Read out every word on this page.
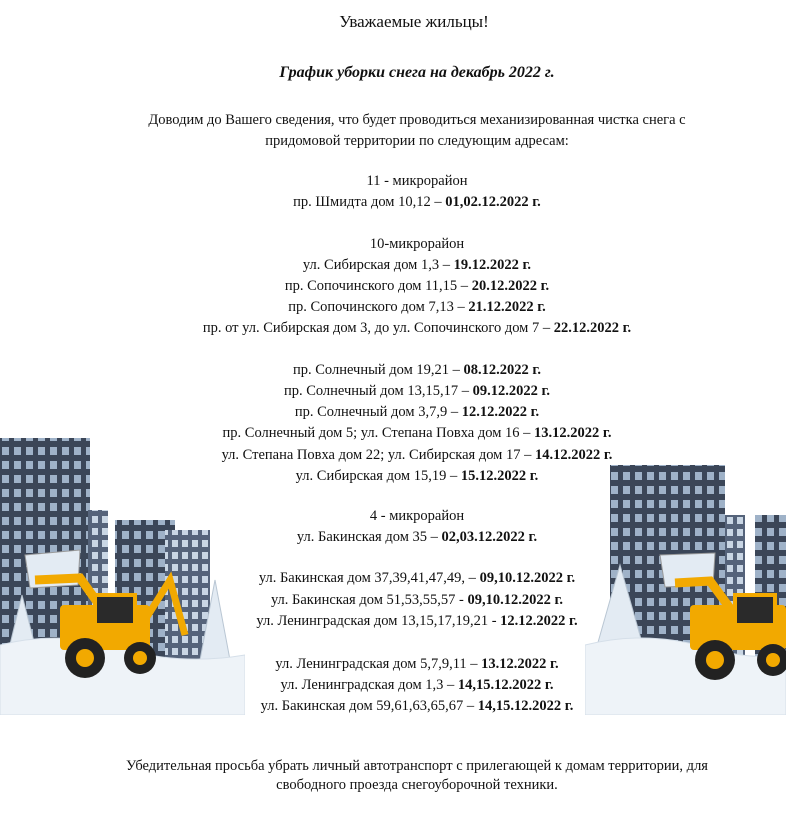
Уважаемые жильцы!
График уборки снега на декабрь 2022 г.
Доводим до Вашего сведения, что будет проводиться механизированная чистка снега с
придомовой территории по следующим адресам:
11 - микрорайон
пр. Шмидта дом 10,12 – 01,02.12.2022 г.
10-микрорайон
ул. Сибирская дом 1,3 – 19.12.2022 г.
пр. Сопочинского дом 11,15 – 20.12.2022 г.
пр. Сопочинского дом 7,13 – 21.12.2022 г.
пр. от ул. Сибирская дом 3, до ул. Сопочинского дом 7 – 22.12.2022 г.
пр. Солнечный дом 19,21 – 08.12.2022 г.
пр. Солнечный дом 13,15,17 – 09.12.2022 г.
пр. Солнечный дом 3,7,9 – 12.12.2022 г.
пр. Солнечный дом 5; ул. Степана Повха дом 16 – 13.12.2022 г.
ул. Степана Повха дом 22; ул. Сибирская дом 17 – 14.12.2022 г.
ул. Сибирская дом 15,19 – 15.12.2022 г.
4 - микрорайон
ул. Бакинская дом 35 – 02,03.12.2022 г.
ул. Бакинская дом 37,39,41,47,49, – 09,10.12.2022 г.
ул. Бакинская дом 51,53,55,57 - 09,10.12.2022 г.
ул. Ленинградская дом 13,15,17,19,21 - 12.12.2022 г.
ул. Ленинградская дом 5,7,9,11 – 13.12.2022 г.
ул. Ленинградская дом 1,3 – 14,15.12.2022 г.
ул. Бакинская дом 59,61,63,65,67 – 14,15.12.2022 г.
Убедительная просьба убрать личный автотранспорт с прилегающей к домам территории, для
свободного проезда снегоуборочной техники.
